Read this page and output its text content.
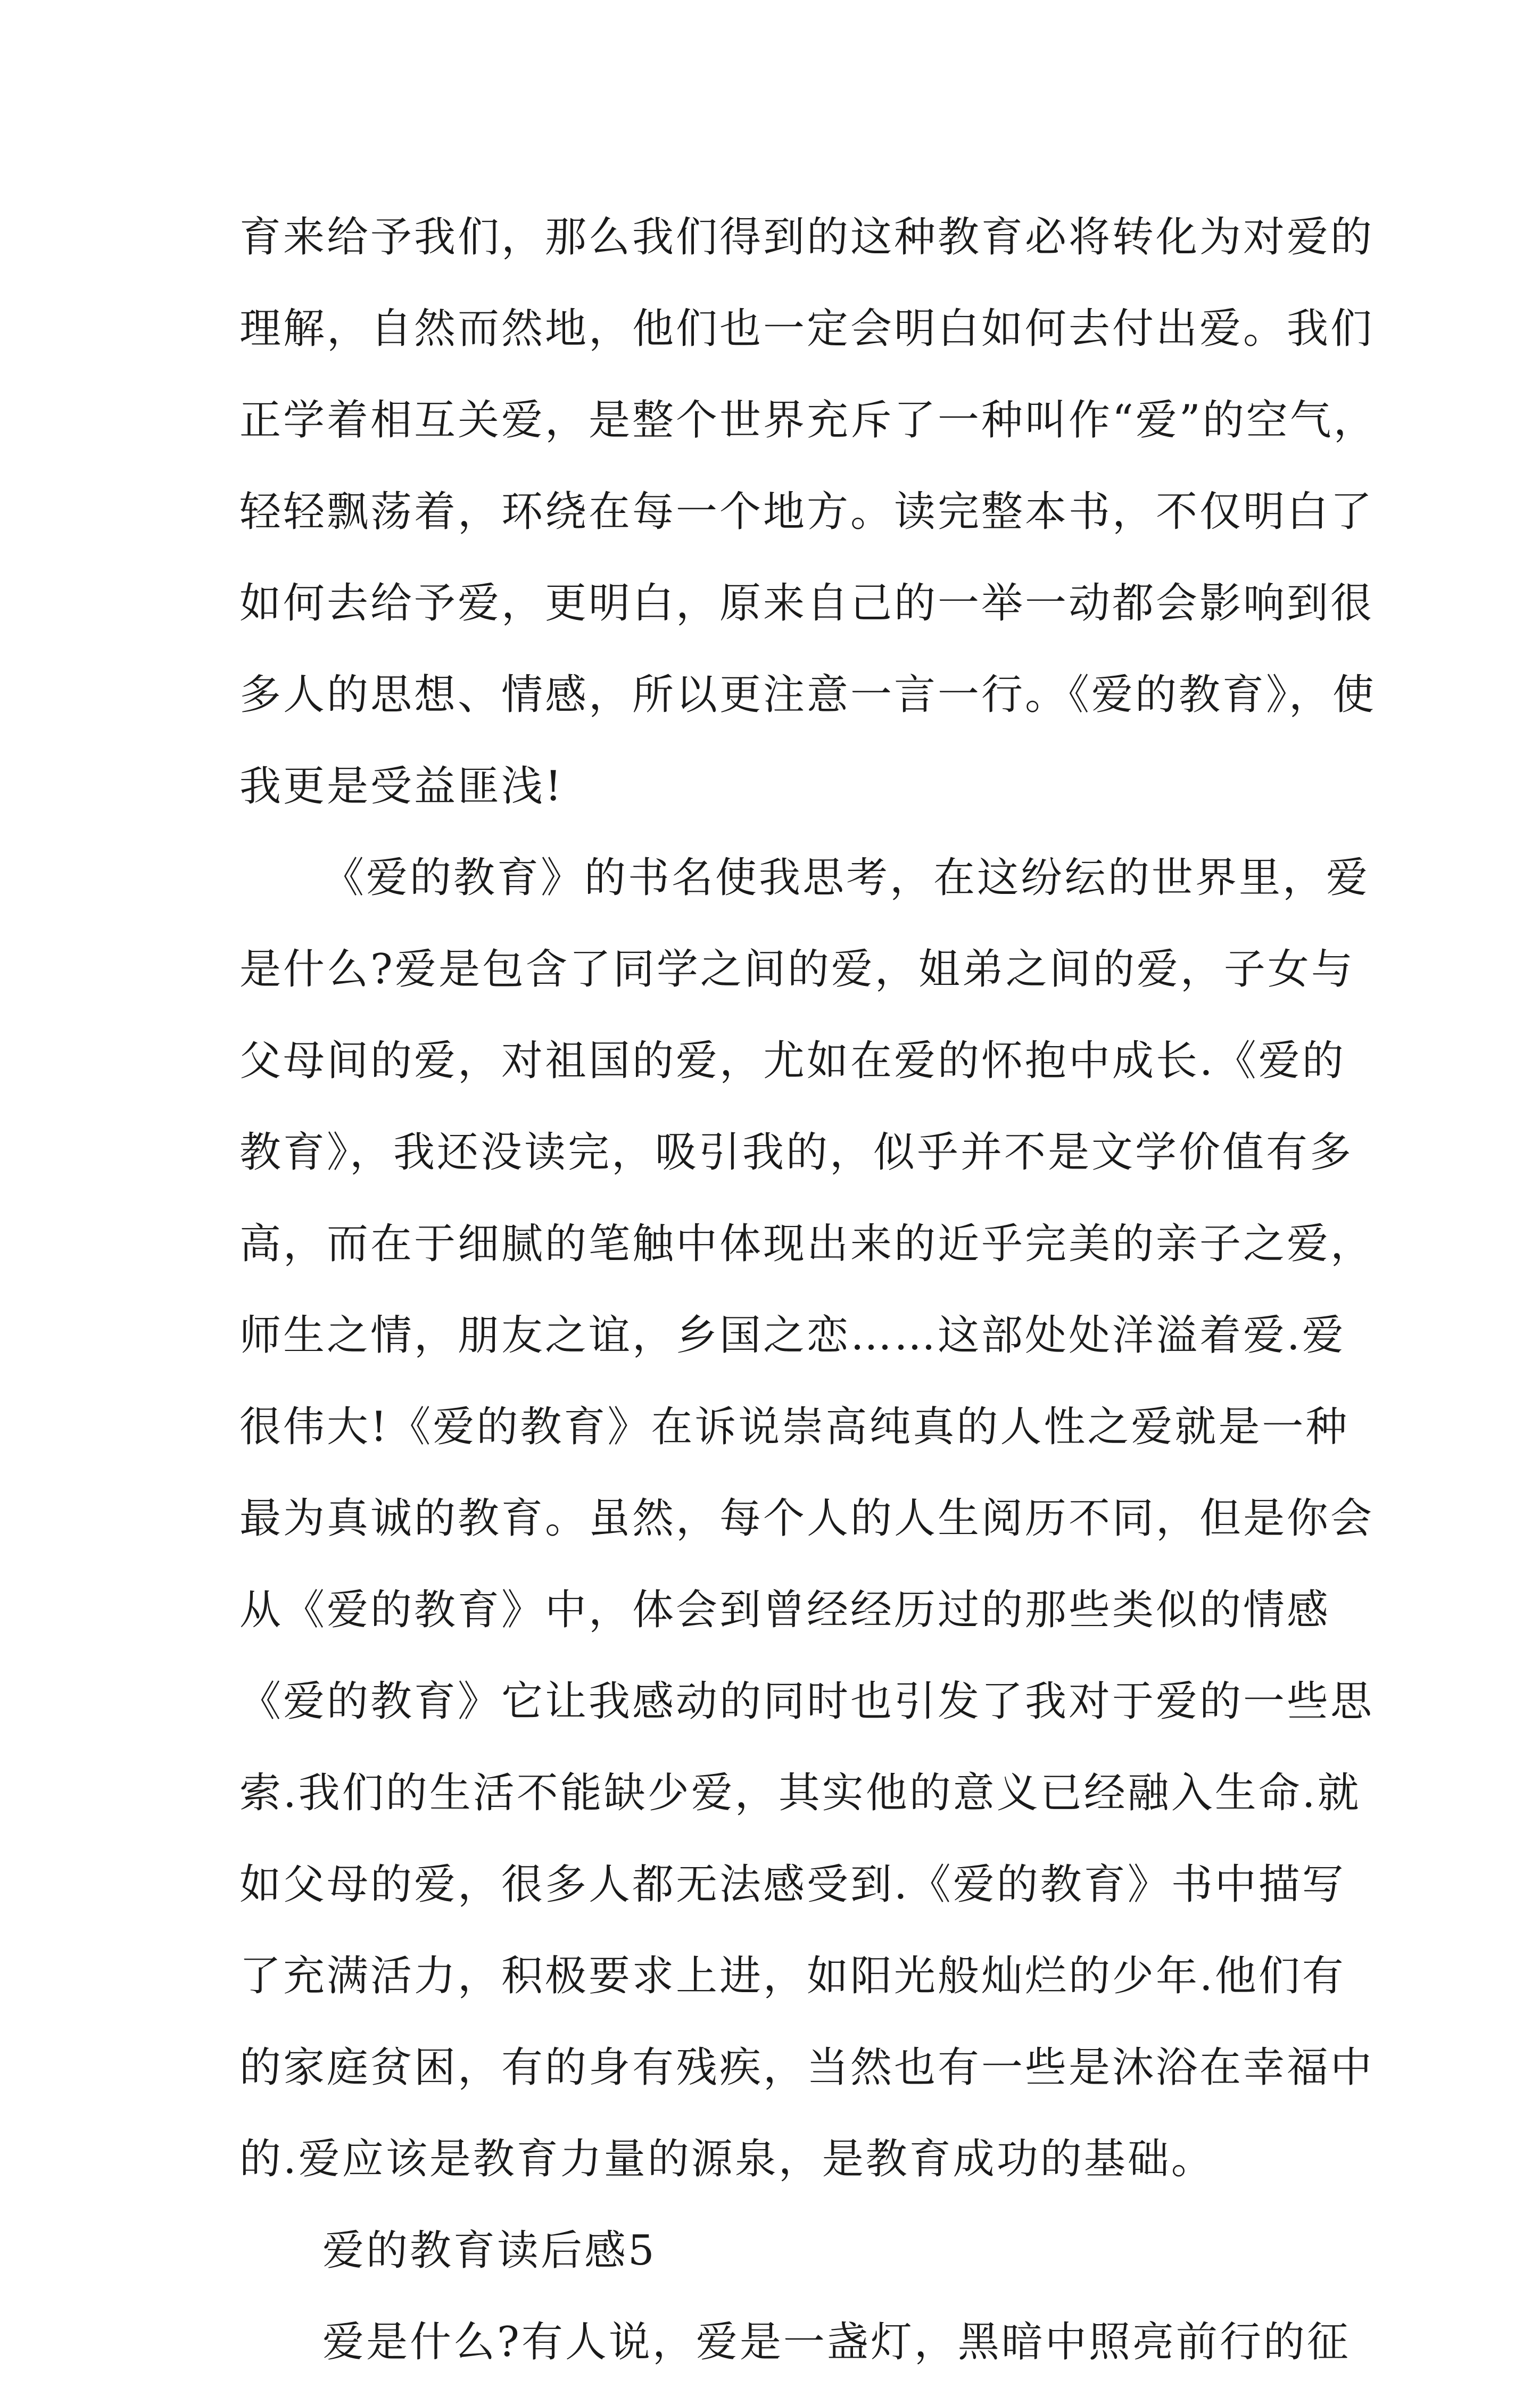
育来给予我们，那么我们得到的这种教育必将转化为对爱的
理解，自然而然地，他们也一定会明白如何去付出爱。我们
正学着相互关爱，是整个世界充斥了一种叫作“爱”的空气，
轻轻飘荡着，环绕在每一个地方。读完整本书，不仅明白了
如何去给予爱，更明白，原来自己的一举一动都会影响到很
多人的思想、情感，所以更注意一言一行。《爱的教育》，使
我更是受益匪浅!
《爱的教育》的书名使我思考，在这纷纭的世界里，爱
是什么?爱是包含了同学之间的爱，姐弟之间的爱，子女与
父母间的爱，对祖国的爱，尤如在爱的怀抱中成长.《爱的
教育》，我还没读完，吸引我的，似乎并不是文学价值有多
高，而在于细腻的笔触中体现出来的近乎完美的亲子之爱，
师生之情，朋友之谊，乡国之恋……这部处处洋溢着爱.爱
很伟大!《爱的教育》在诉说崇高纯真的人性之爱就是一种
最为真诚的教育。虽然，每个人的人生阅历不同，但是你会
从《爱的教育》中，体会到曾经经历过的那些类似的情感
《爱的教育》它让我感动的同时也引发了我对于爱的一些思
索.我们的生活不能缺少爱，其实他的意义已经融入生命.就
如父母的爱，很多人都无法感受到.《爱的教育》书中描写
了充满活力，积极要求上进，如阳光般灿烂的少年.他们有
的家庭贫困，有的身有残疾，当然也有一些是沐浴在幸福中
的.爱应该是教育力量的源泉，是教育成功的基础。
爱的教育读后感5
爱是什么?有人说，爱是一盏灯，黑暗中照亮前行的征
